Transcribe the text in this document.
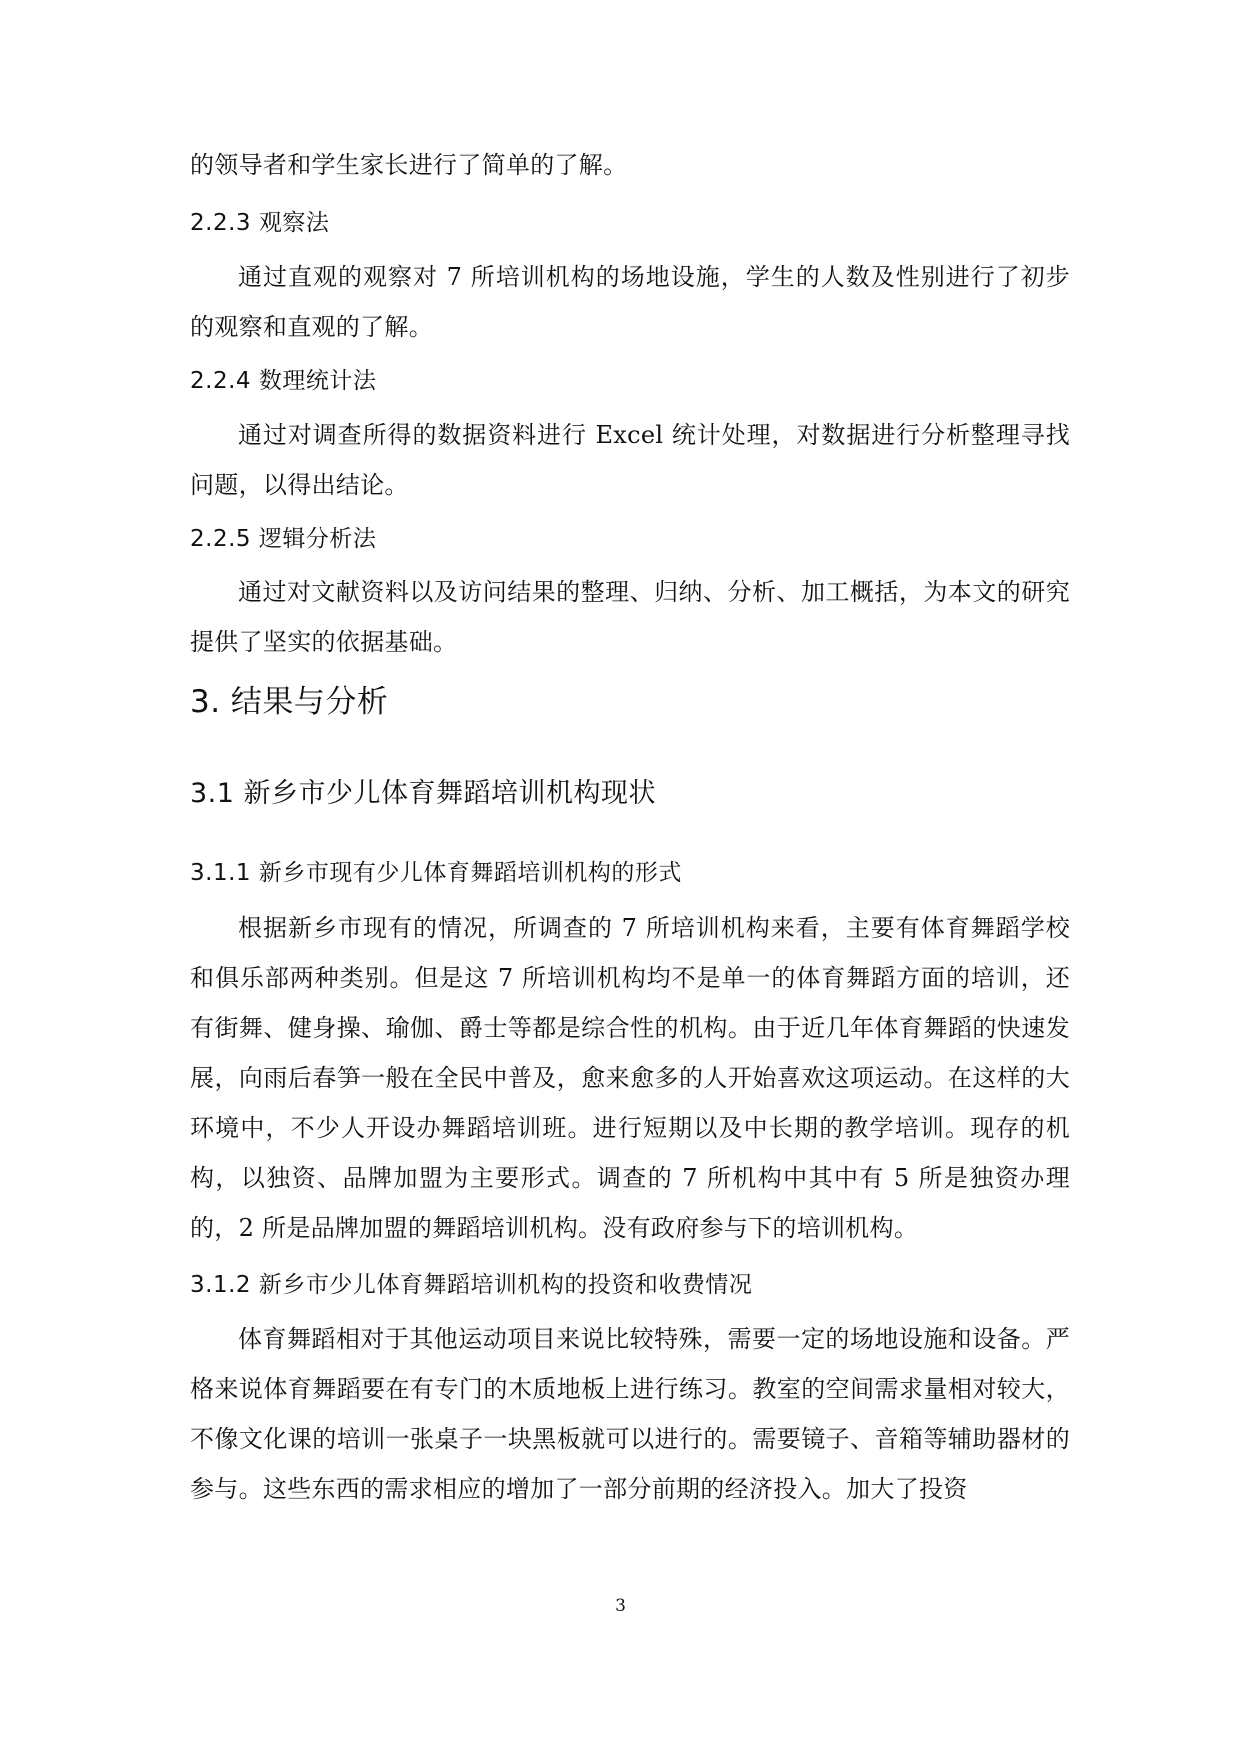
的领导者和学生家长进行了简单的了解。

2.2.3 观察法

通过直观的观察对 7 所培训机构的场地设施，学生的人数及性别进行了初步的观察和直观的了解。

2.2.4 数理统计法

通过对调查所得的数据资料进行 Excel 统计处理，对数据进行分析整理寻找问题，以得出结论。

2.2.5 逻辑分析法

通过对文献资料以及访问结果的整理、归纳、分析、加工概括，为本文的研究提供了坚实的依据基础。

3. 结果与分析
3.1 新乡市少儿体育舞蹈培训机构现状
3.1.1 新乡市现有少儿体育舞蹈培训机构的形式

根据新乡市现有的情况，所调查的 7 所培训机构来看，主要有体育舞蹈学校和俱乐部两种类别。但是这 7 所培训机构均不是单一的体育舞蹈方面的培训，还有街舞、健身操、瑜伽、爵士等都是综合性的机构。由于近几年体育舞蹈的快速发展，向雨后春笋一般在全民中普及，愈来愈多的人开始喜欢这项运动。在这样的大环境中，不少人开设办舞蹈培训班。进行短期以及中长期的教学培训。现存的机构，以独资、品牌加盟为主要形式。调查的 7 所机构中其中有 5 所是独资办理的，2 所是品牌加盟的舞蹈培训机构。没有政府参与下的培训机构。

3.1.2 新乡市少儿体育舞蹈培训机构的投资和收费情况

体育舞蹈相对于其他运动项目来说比较特殊，需要一定的场地设施和设备。严格来说体育舞蹈要在有专门的木质地板上进行练习。教室的空间需求量相对较大，不像文化课的培训一张桌子一块黑板就可以进行的。需要镜子、音箱等辅助器材的参与。这些东西的需求相应的增加了一部分前期的经济投入。加大了投资

3
